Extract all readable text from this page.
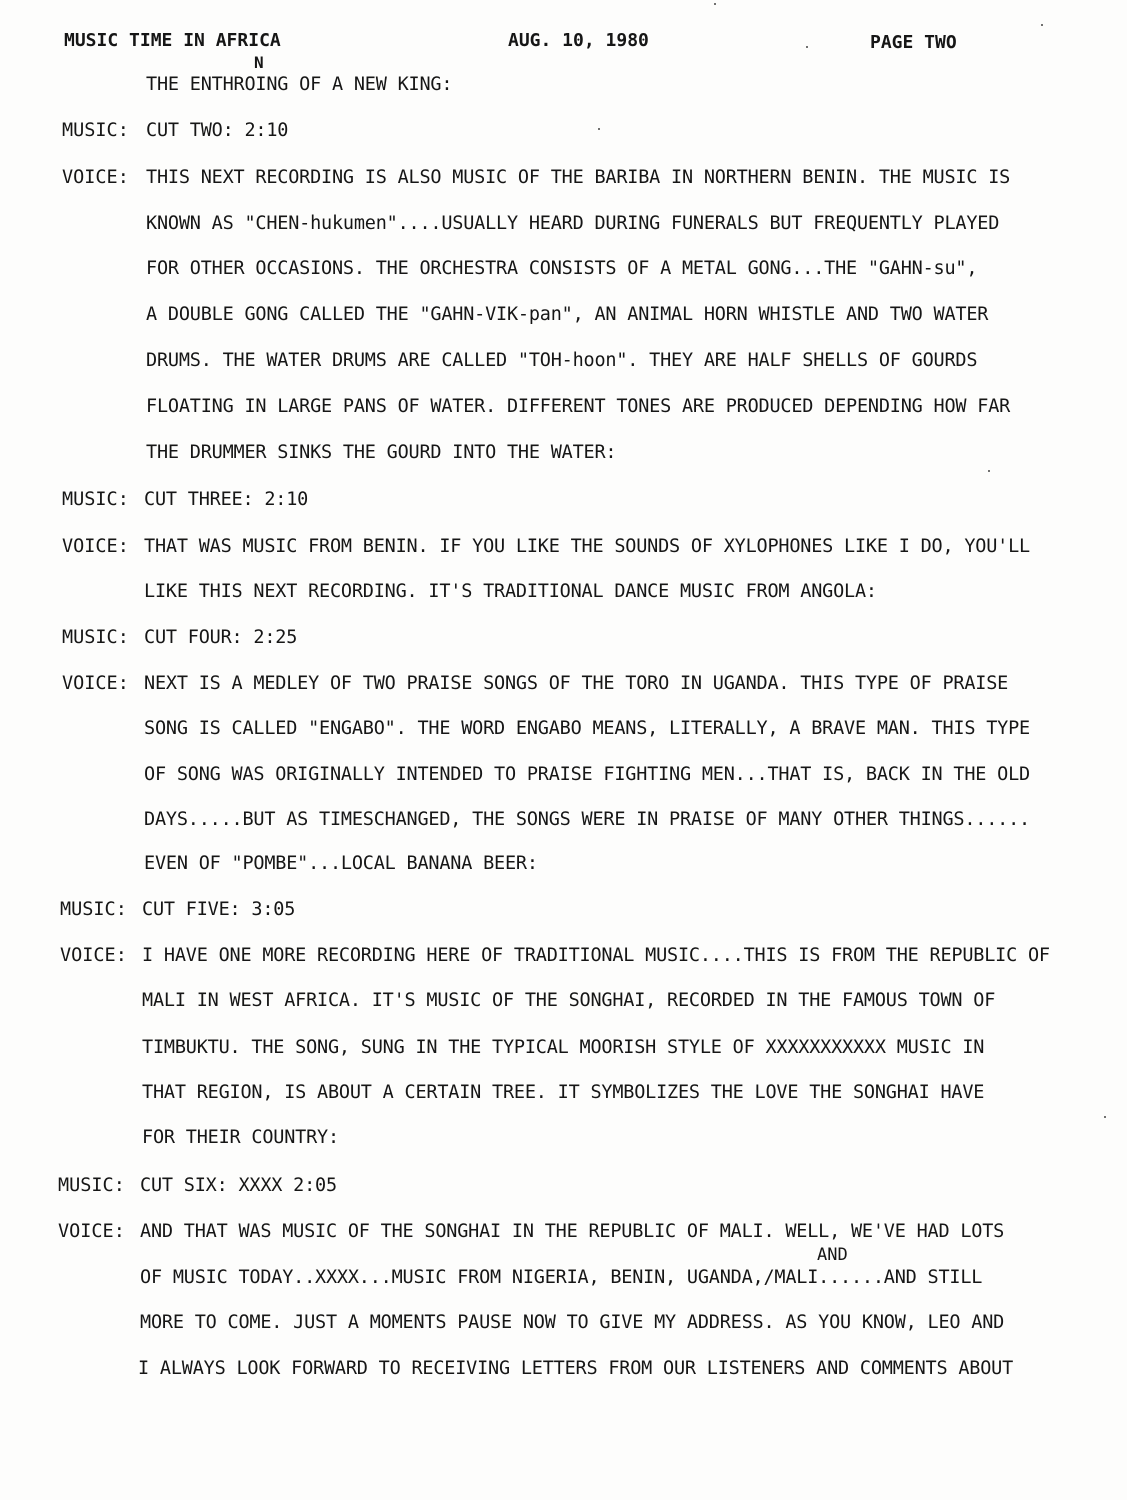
MUSIC TIME IN AFRICA	AUG. 10, 1980	PAGE TWO
N
THE ENTHROING OF A NEW KING:
MUSIC: CUT TWO: 2:10
VOICE: THIS NEXT RECORDING IS ALSO MUSIC OF THE BARIBA IN NORTHERN BENIN. THE MUSIC IS
KNOWN AS "CHEN-hukumen"....USUALLY HEARD DURING FUNERALS BUT FREQUENTLY PLAYED
FOR OTHER OCCASIONS. THE ORCHESTRA CONSISTS OF A METAL GONG...THE "GAHN-su",
A DOUBLE GONG CALLED THE "GAHN-VIK-pan", AN ANIMAL HORN WHISTLE AND TWO WATER
DRUMS. THE WATER DRUMS ARE CALLED "TOH-hoon". THEY ARE HALF SHELLS OF GOURDS
FLOATING IN LARGE PANS OF WATER. DIFFERENT TONES ARE PRODUCED DEPENDING HOW FAR
THE DRUMMER SINKS THE GOURD INTO THE WATER:
MUSIC: CUT THREE: 2:10
VOICE: THAT WAS MUSIC FROM BENIN. IF YOU LIKE THE SOUNDS OF XYLOPHONES LIKE I DO, YOU'LL
LIKE THIS NEXT RECORDING. IT'S TRADITIONAL DANCE MUSIC FROM ANGOLA:
MUSIC: CUT FOUR: 2:25
VOICE: NEXT IS A MEDLEY OF TWO PRAISE SONGS OF THE TORO IN UGANDA. THIS TYPE OF PRAISE
SONG IS CALLED "ENGABO". THE WORD ENGABO MEANS, LITERALLY, A BRAVE MAN. THIS TYPE
OF SONG WAS ORIGINALLY INTENDED TO PRAISE FIGHTING MEN...THAT IS, BACK IN THE OLD
DAYS.....BUT AS TIMESCHANGED, THE SONGS WERE IN PRAISE OF MANY OTHER THINGS......
EVEN OF "POMBE"...LOCAL BANANA BEER:
MUSIC: CUT FIVE: 3:05
VOICE: I HAVE ONE MORE RECORDING HERE OF TRADITIONAL MUSIC....THIS IS FROM THE REPUBLIC OF
MALI IN WEST AFRICA. IT'S MUSIC OF THE SONGHAI, RECORDED IN THE FAMOUS TOWN OF
TIMBUKTU. THE SONG, SUNG IN THE TYPICAL MOORISH STYLE OF XXXXXXXXXXX MUSIC IN
THAT REGION, IS ABOUT A CERTAIN TREE. IT SYMBOLIZES THE LOVE THE SONGHAI HAVE
FOR THEIR COUNTRY:
MUSIC: CUT SIX: XXXX 2:05
VOICE: AND THAT WAS MUSIC OF THE SONGHAI IN THE REPUBLIC OF MALI. WELL, WE'VE HAD LOTS
AND
OF MUSIC TODAY..XXXX...MUSIC FROM NIGERIA, BENIN, UGANDA,/MALI......AND STILL
MORE TO COME. JUST A MOMENTS PAUSE NOW TO GIVE MY ADDRESS. AS YOU KNOW, LEO AND
I ALWAYS LOOK FORWARD TO RECEIVING LETTERS FROM OUR LISTENERS AND COMMENTS ABOUT
